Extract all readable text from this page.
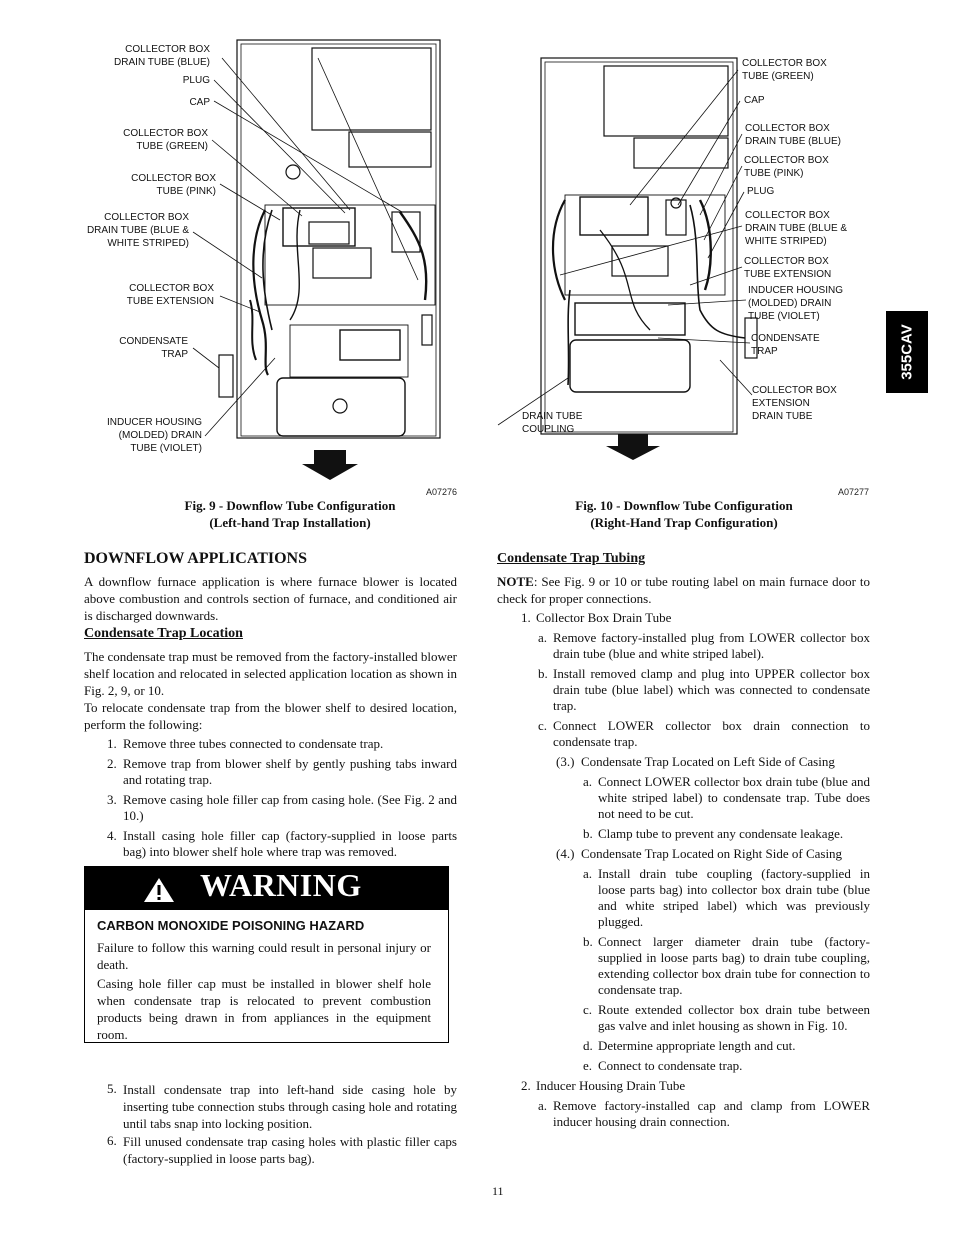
COLLECTOR BOX
DRAIN TUBE (BLUE)
PLUG
CAP
COLLECTOR BOX
TUBE (GREEN)
COLLECTOR BOX
TUBE (PINK)
COLLECTOR BOX
DRAIN TUBE (BLUE &
WHITE STRIPED)
COLLECTOR BOX
TUBE EXTENSION
CONDENSATE
TRAP
INDUCER HOUSING
(MOLDED) DRAIN
TUBE (VIOLET)
A07276
Fig. 9 - Downflow Tube Configuration
(Left-hand Trap Installation)
COLLECTOR BOX
TUBE (GREEN)
CAP
COLLECTOR BOX
DRAIN TUBE (BLUE)
COLLECTOR BOX
TUBE (PINK)
PLUG
COLLECTOR BOX
DRAIN TUBE (BLUE &
WHITE STRIPED)
COLLECTOR BOX
TUBE EXTENSION
INDUCER HOUSING
(MOLDED) DRAIN
TUBE (VIOLET)
CONDENSATE
TRAP
COLLECTOR BOX
EXTENSION
DRAIN TUBE
DRAIN TUBE
COUPLING
A07277
Fig. 10 - Downflow Tube Configuration
(Right-Hand Trap Configuration)
355CAV
DOWNFLOW APPLICATIONS

A downflow furnace application is where furnace blower is located above combustion and controls section of furnace, and conditioned air is discharged downwards.

Condensate Trap Location

The condensate trap must be removed from the factory-installed blower shelf location and relocated in selected application location as shown in Fig. 2, 9, or 10.

To relocate condensate trap from the blower shelf to desired location, perform the following:

1. Remove three tubes connected to condensate trap.
2. Remove trap from blower shelf by gently pushing tabs inward and rotating trap.
3. Remove casing hole filler cap from casing hole. (See Fig. 2 and 10.)
4. Install casing hole filler cap (factory-supplied in loose parts bag) into blower shelf hole where trap was removed.
WARNING
CARBON MONOXIDE POISONING HAZARD

Failure to follow this warning could result in personal injury or death.

Casing hole filler cap must be installed in blower shelf hole when condensate trap is relocated to prevent combustion products being drawn in from appliances in the equipment room.

5. Install condensate trap into left-hand side casing hole by inserting tube connection stubs through casing hole and rotating until tabs snap into locking position.
6. Fill unused condensate trap casing holes with plastic filler caps (factory-supplied in loose parts bag).
Condensate Trap Tubing

NOTE: See Fig. 9 or 10 or tube routing label on main furnace door to check for proper connections.

1. Collector Box Drain Tube
a. Remove factory-installed plug from LOWER collector box drain tube (blue and white striped label).
b. Install removed clamp and plug into UPPER collector box drain tube (blue label) which was connected to condensate trap.
c. Connect LOWER collector box drain connection to condensate trap.
(3.) Condensate Trap Located on Left Side of Casing
a. Connect LOWER collector box drain tube (blue and white striped label) to condensate trap. Tube does not need to be cut.
b. Clamp tube to prevent any condensate leakage.
(4.) Condensate Trap Located on Right Side of Casing
a. Install drain tube coupling (factory-supplied in loose parts bag) into collector box drain tube (blue and white striped label) which was previously plugged.
b. Connect larger diameter drain tube (factory-supplied in loose parts bag) to drain tube coupling, extending collector box drain tube for connection to condensate trap.
c. Route extended collector box drain tube between gas valve and inlet housing as shown in Fig. 10.
d. Determine appropriate length and cut.
e. Connect to condensate trap.
2. Inducer Housing Drain Tube
a. Remove factory-installed cap and clamp from LOWER inducer housing drain connection.
11
